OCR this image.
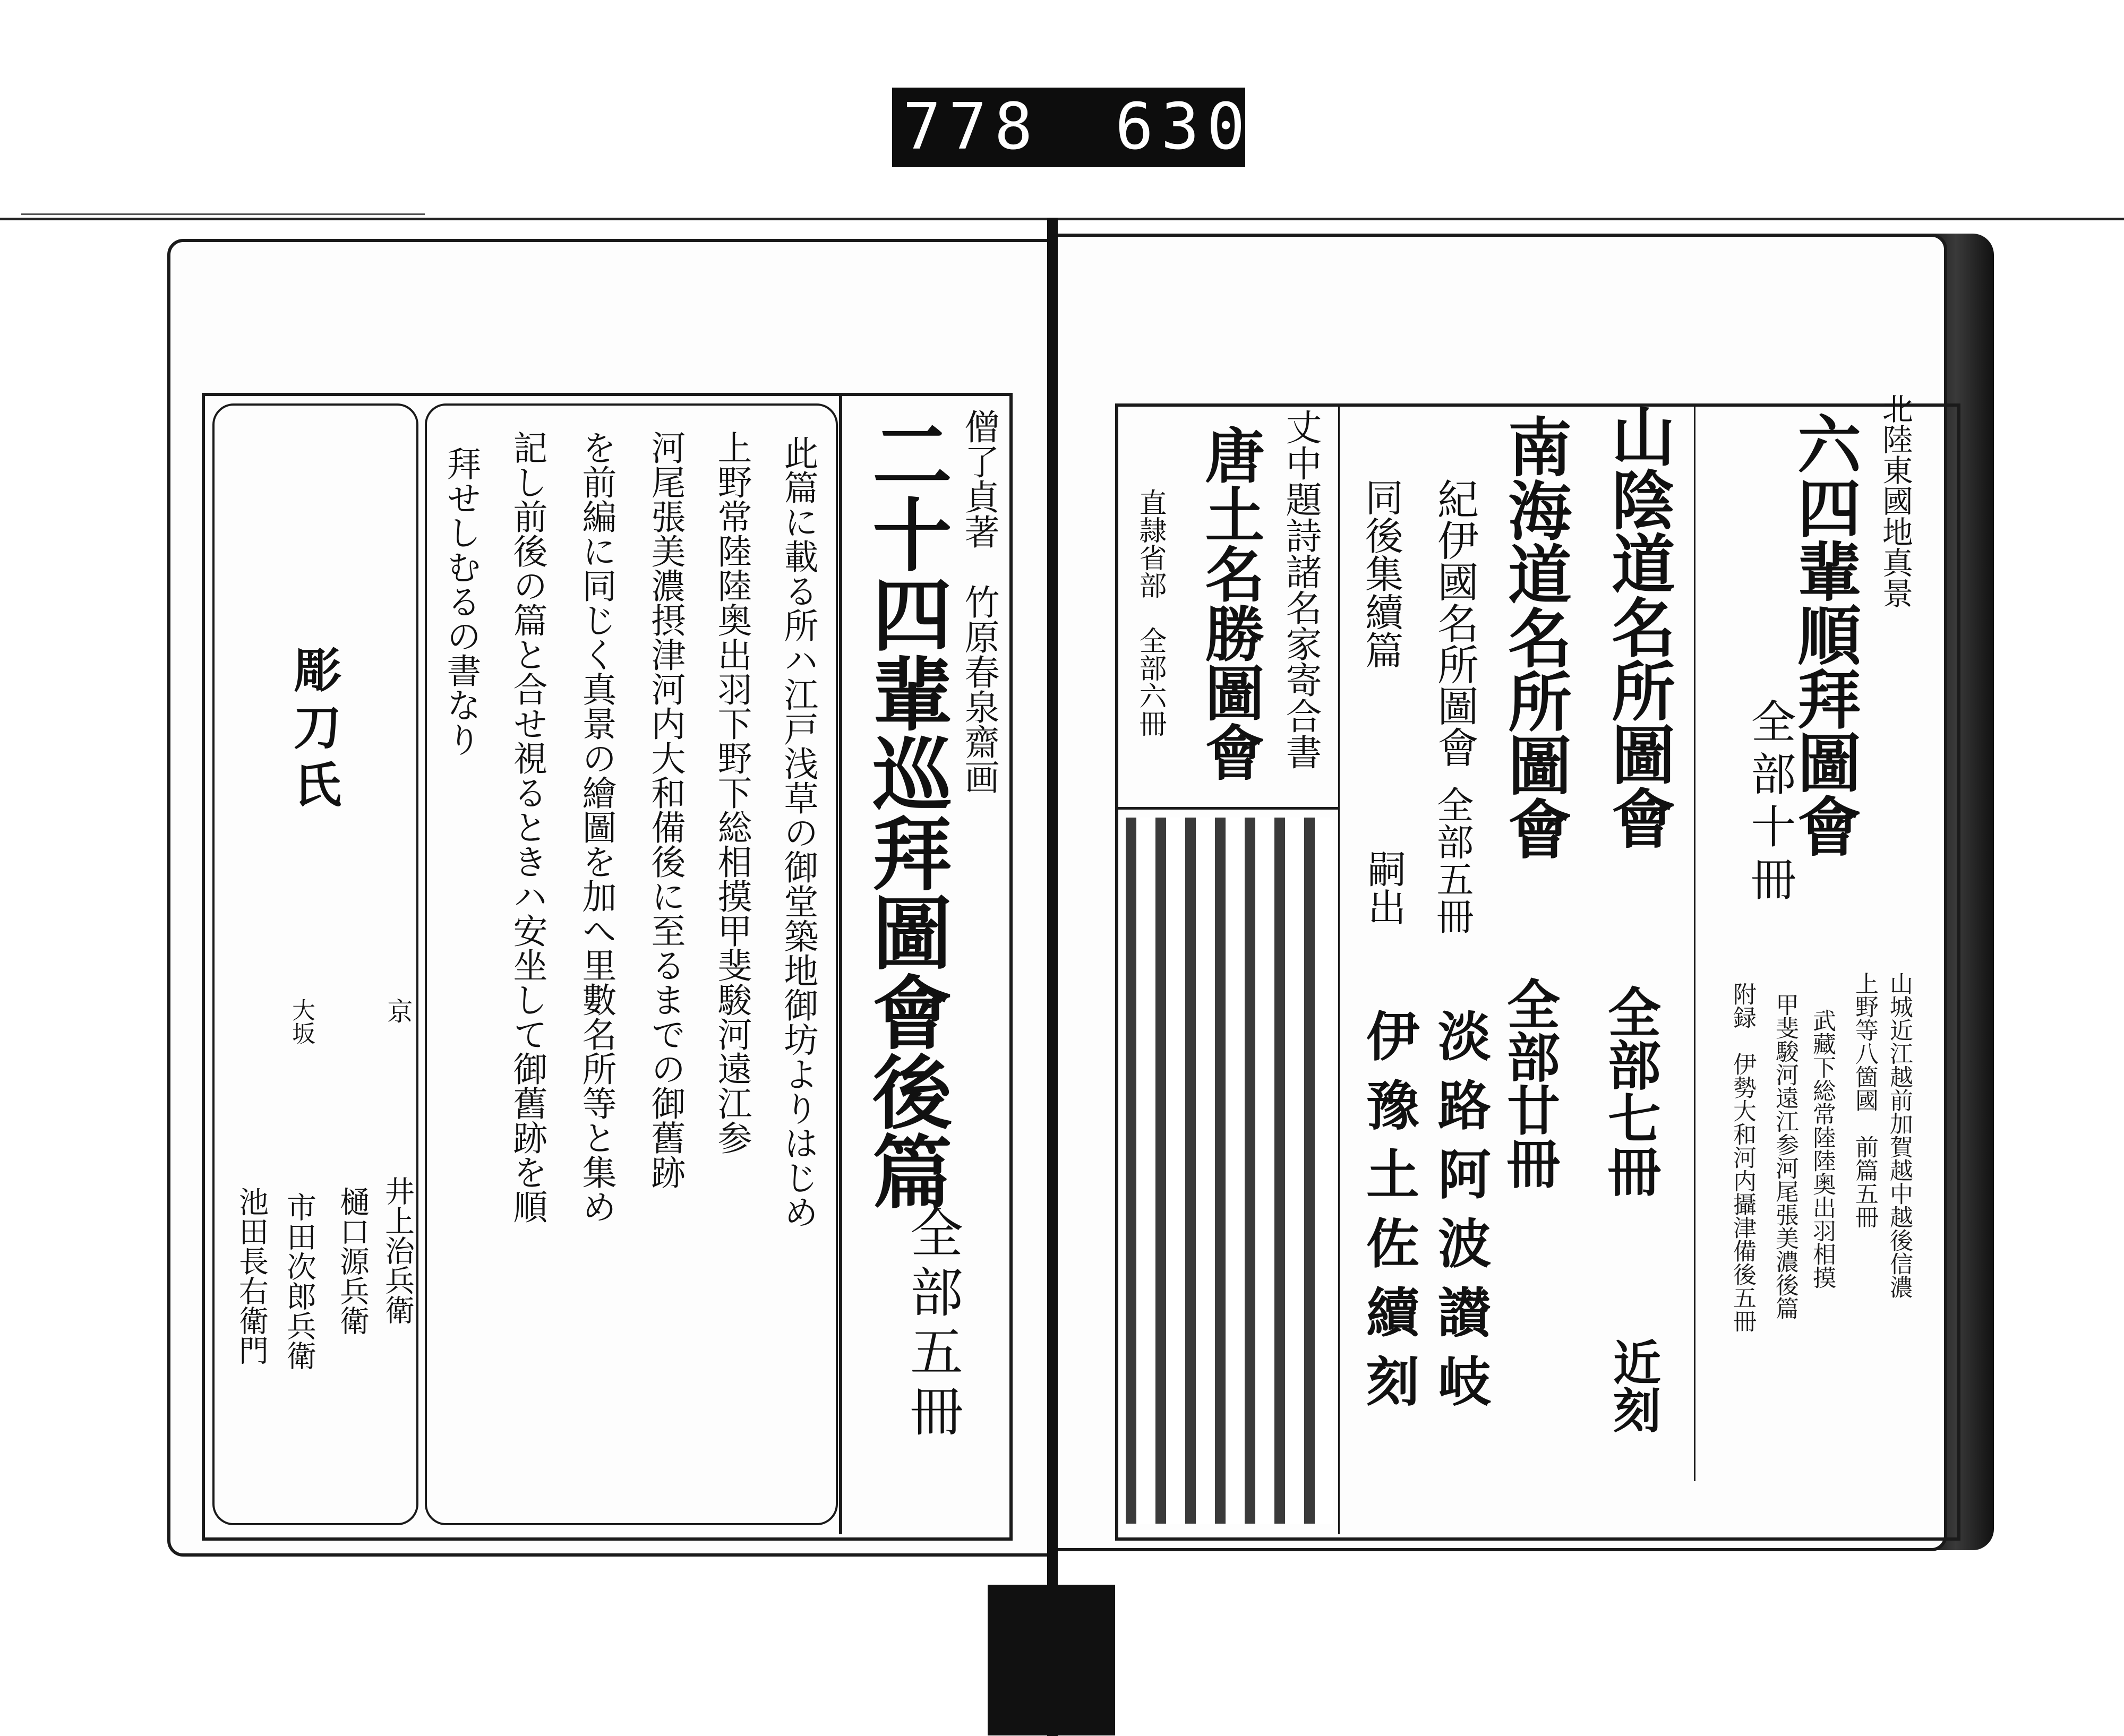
778 630
彫刀氏
京
大坂
井上治兵衛
樋口源兵衛
市田次郎兵衛
池田長右衛門
此篇に載る所ハ江戸浅草の御堂築地御坊よりはじめ
上野常陸陸奥出羽下野下総相摸甲斐駿河遠江参
河尾張美濃摂津河内大和備後に至るまでの御舊跡
を前編に同じく真景の繪圖を加へ里數名所等と集め
記し前後の篇と合せ視るときハ安坐して御舊跡を順
拜せしむるの書なり	僧了貞著　竹原春泉齋画
二十四輩巡拜圖會後篇
全部五冊
北陸東國地真景
六四輩順拜圖會
全部十冊
山城近江越前加賀越中越後信濃
上野等八箇國　前篇五冊
武藏下総常陸陸奥出羽相摸
甲斐駿河遠江参河尾張美濃後篇
附録　伊勢大和河内攝津備後五冊
山陰道名所圖會
全部七冊
近刻
南海道名所圖會
全部廿冊
紀伊國名所圖會
全部五冊
同後集續篇
嗣出
淡路阿波讃岐
伊豫土佐續刻
丈中題詩諸名家寄合書
唐土名勝圖會
直隷省部
全部六冊
